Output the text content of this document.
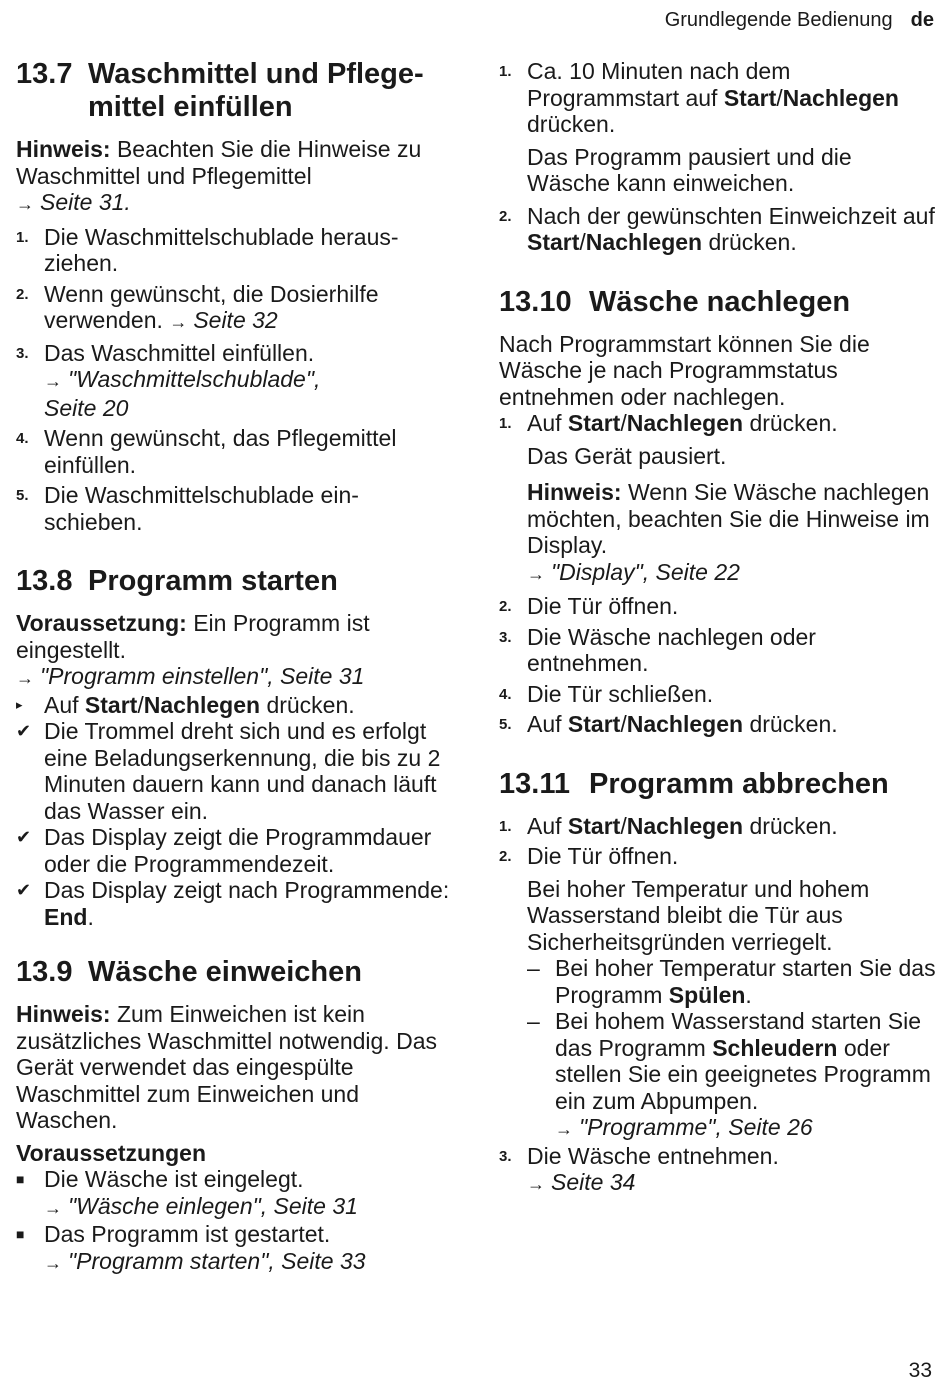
Grundlegende Bedienung de
13.7 Waschmittel und Pflege-
mittel einfüllen

Hinweis: Beachten Sie die Hinweise zu Waschmittel und Pflegemittel
→ Seite 31.

1. Die Waschmittelschublade heraus-ziehen.
2. Wenn gewünscht, die Dosierhilfe verwenden. → Seite 32
3. Das Waschmittel einfüllen.
→ "Waschmittelschublade",
Seite 20
4. Wenn gewünscht, das Pflegemittel einfüllen.
5. Die Waschmittelschublade ein-schieben.
13.8 Programm starten

Voraussetzung: Ein Programm ist eingestellt.
→ "Programm einstellen", Seite 31

▸ Auf Start/Nachlegen drücken.
✔ Die Trommel dreht sich und es erfolgt eine Beladungserkennung, die bis zu 2 Minuten dauern kann und danach läuft das Wasser ein.
✔ Das Display zeigt die Programmdauer oder die Programmendezeit.
✔ Das Display zeigt nach Programmende: End.
13.9 Wäsche einweichen

Hinweis: Zum Einweichen ist kein zusätzliches Waschmittel notwendig. Das Gerät verwendet das eingespülte Waschmittel zum Einweichen und Waschen.

Voraussetzungen

■ Die Wäsche ist eingelegt.
→ "Wäsche einlegen", Seite 31
■ Das Programm ist gestartet.
→ "Programm starten", Seite 33
1. Ca. 10 Minuten nach dem Programmstart auf Start/Nachlegen drücken.

Das Programm pausiert und die Wäsche kann einweichen.

2. Nach der gewünschten Einweichzeit auf Start/Nachlegen drücken.
13.10 Wäsche nachlegen

Nach Programmstart können Sie die Wäsche je nach Programmstatus entnehmen oder nachlegen.

1. Auf Start/Nachlegen drücken.

Das Gerät pausiert.

Hinweis: Wenn Sie Wäsche nachlegen möchten, beachten Sie die Hinweise im Display.
→ "Display", Seite 22

2. Die Tür öffnen.
3. Die Wäsche nachlegen oder entnehmen.
4. Die Tür schließen.
5. Auf Start/Nachlegen drücken.
13.11 Programm abbrechen
1. Auf Start/Nachlegen drücken.
2. Die Tür öffnen.

Bei hoher Temperatur und hohem Wasserstand bleibt die Tür aus Sicherheitsgründen verriegelt.

– Bei hoher Temperatur starten Sie das Programm Spülen.
– Bei hohem Wasserstand starten Sie das Programm Schleudern oder stellen Sie ein geeignetes Programm ein zum Abpumpen.
→ "Programme", Seite 26
3. Die Wäsche entnehmen.
→ Seite 34
33
